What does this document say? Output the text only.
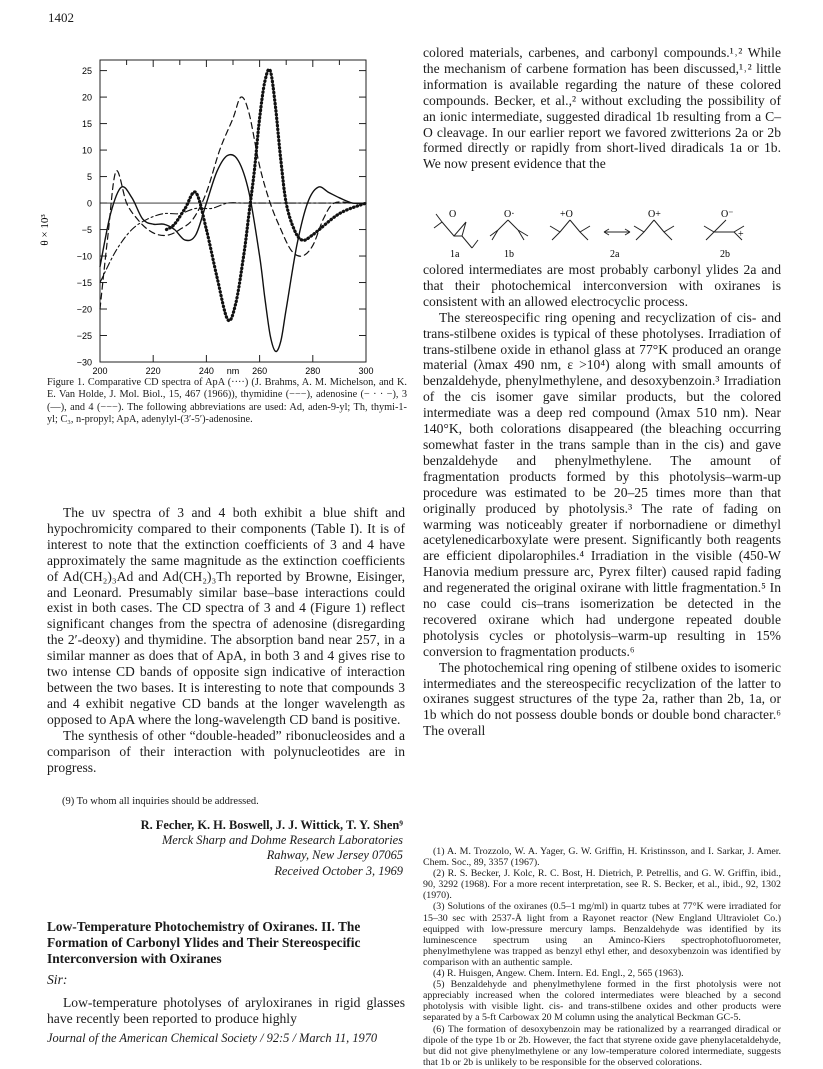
1402
25
20
15
10
5
0
−5
−10
−15
−20
−25
−30
200	220	240	260	280	300
θ × 10³
nm
Figure 1. Comparative CD spectra of ApA (····) (J. Brahms, A. M. Michelson, and K. E. Van Holde, J. Mol. Biol., 15, 467 (1966)), thymidine (−−−), adenosine (− · · −), 3 (—), and 4 (−−−). The following abbreviations are used: Ad, aden-9-yl; Th, thymi-1-yl; C₃, n-propyl; ApA, adenylyl-(3′-5′)-adenosine.

The uv spectra of 3 and 4 both exhibit a blue shift and hypochromicity compared to their components (Table I). It is of interest to note that the extinction coefficients of 3 and 4 have approximately the same magnitude as the extinction coefficients of Ad(CH₂)₃Ad and Ad(CH₂)₃Th reported by Browne, Eisinger, and Leonard. Presumably similar base–base interactions could exist in both cases. The CD spectra of 3 and 4 (Figure 1) reflect significant changes from the spectra of adenosine (disregarding the 2′-deoxy) and thymidine. The absorption band near 257, in a similar manner as does that of ApA, in both 3 and 4 gives rise to two intense CD bands of opposite sign indicative of interaction between the two bases. It is interesting to note that compounds 3 and 4 exhibit negative CD bands at the longer wavelength as opposed to ApA where the long-wavelength CD band is positive.

The synthesis of other “double-headed” ribonucleosides and a comparison of their interaction with polynucleotides are in progress.

(9) To whom all inquiries should be addressed.
R. Fecher, K. H. Boswell, J. J. Wittick, T. Y. Shen⁹
Merck Sharp and Dohme Research Laboratories
Rahway, New Jersey 07065
Received October 3, 1969
Low-Temperature Photochemistry of Oxiranes. II. The Formation of Carbonyl Ylides and Their Stereospecific Interconversion with Oxiranes
Sir:

Low-temperature photolyses of aryloxiranes in rigid glasses have recently been reported to produce highly

colored materials, carbenes, and carbonyl compounds.¹˒² While the mechanism of carbene formation has been discussed,¹˒² little information is available regarding the nature of these colored compounds. Becker, et al.,² without excluding the possibility of an ionic intermediate, suggested diradical 1b resulting from a C–O cleavage. In our earlier report we favored zwitterions 2a or 2b formed directly or rapidly from short-lived diradicals 1a or 1b. We now present evidence that the

O	O·	+O	O+	O⁻
+
1a	1b	2a	2b

colored intermediates are most probably carbonyl ylides 2a and that their photochemical interconversion with oxiranes is consistent with an allowed electrocyclic process.

The stereospecific ring opening and recyclization of cis- and trans-stilbene oxides is typical of these photolyses. Irradiation of trans-stilbene oxide in ethanol glass at 77°K produced an orange material (λmax 490 nm, ε >10⁴) along with small amounts of benzaldehyde, phenylmethylene, and desoxybenzoin.³ Irradiation of the cis isomer gave similar products, but the colored intermediate was a deep red compound (λmax 510 nm). Near 140°K, both colorations disappeared (the bleaching occurring somewhat faster in the trans sample than in the cis) and gave benzaldehyde and phenylmethylene. The amount of fragmentation products formed by this photolysis–warm-up procedure was estimated to be 20–25 times more than that originally produced by photolysis.³ The rate of fading on warming was noticeably greater if norbornadiene or dimethyl acetylenedicarboxylate were present. Significantly both reagents are efficient dipolarophiles.⁴ Irradiation in the visible (450-W Hanovia medium pressure arc, Pyrex filter) caused rapid fading and regenerated the original oxirane with little fragmentation.⁵ In no case could cis–trans isomerization be detected in the recovered oxirane which had undergone repeated double photolysis cycles or photolysis–warm-up resulting in 15% conversion to fragmentation products.⁶

The photochemical ring opening of stilbene oxides to isomeric intermediates and the stereospecific recyclization of the latter to oxiranes suggest structures of the type 2a, rather than 2b, 1a, or 1b which do not possess double bonds or double bond character.⁶ The overall

(1) A. M. Trozzolo, W. A. Yager, G. W. Griffin, H. Kristinsson, and I. Sarkar, J. Amer. Chem. Soc., 89, 3357 (1967).

(2) R. S. Becker, J. Kolc, R. C. Bost, H. Dietrich, P. Petrellis, and G. W. Griffin, ibid., 90, 3292 (1968). For a more recent interpretation, see R. S. Becker, et al., ibid., 92, 1302 (1970).

(3) Solutions of the oxiranes (0.5–1 mg/ml) in quartz tubes at 77°K were irradiated for 15–30 sec with 2537-Å light from a Rayonet reactor (New England Ultraviolet Co.) equipped with low-pressure mercury lamps. Benzaldehyde was identified by its luminescence spectrum using an Aminco-Kiers spectrophotofluorometer, phenylmethylene was trapped as benzyl ethyl ether, and desoxybenzoin was identified by comparison with an authentic sample.

(4) R. Huisgen, Angew. Chem. Intern. Ed. Engl., 2, 565 (1963).

(5) Benzaldehyde and phenylmethylene formed in the first photolysis were not appreciably increased when the colored intermediates were bleached by a second photolysis with visible light. cis- and trans-stilbene oxides and other products were separated by a 5-ft Carbowax 20 M column using the analytical Beckman GC-5.

(6) The formation of desoxybenzoin may be rationalized by a rearranged diradical or dipole of the type 1b or 2b. However, the fact that styrene oxide gave phenylacetaldehyde, but did not give phenylmethylene or any low-temperature colored intermediate, suggests that 1b or 2b is unlikely to be responsible for the observed colorations.

Journal of the American Chemical Society / 92:5 / March 11, 1970
